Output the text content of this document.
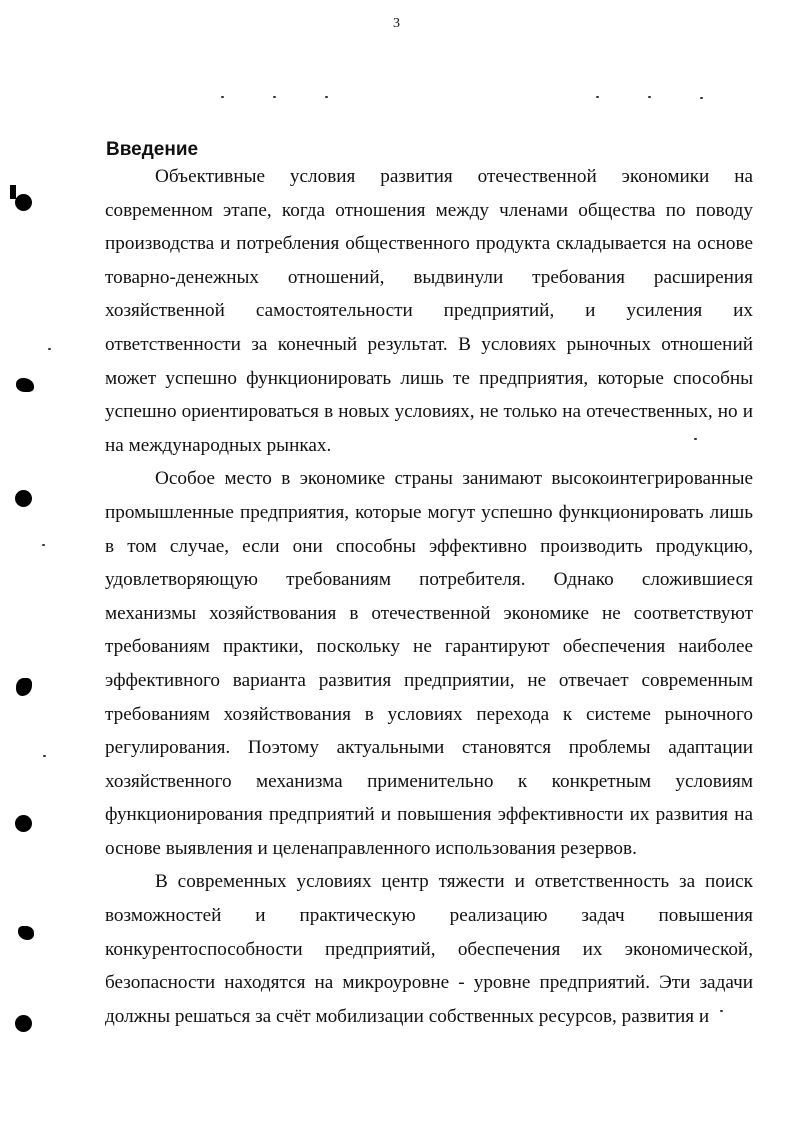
3
Введение

Объективные условия развития отечественной экономики на современном этапе, когда отношения между членами общества по поводу производства и потребления общественного продукта складывается на основе товарно-денежных отношений, выдвинули требования расширения хозяйственной самостоятельности предприятий, и усиления их ответственности за конечный результат. В условиях рыночных отношений может успешно функционировать лишь те предприятия, которые способны успешно ориентироваться в новых условиях, не только на отечественных, но и на международных рынках.

Особое место в экономике страны занимают высокоинтегрированные промышленные предприятия, которые могут успешно функционировать лишь в том случае, если они способны эффективно производить продукцию, удовлетворяющую требованиям потребителя. Однако сложившиеся механизмы хозяйствования в отечественной экономике не соответствуют требованиям практики, поскольку не гарантируют обеспечения наиболее эффективного варианта развития предприятии, не отвечает современным требованиям хозяйствования в условиях перехода к системе рыночного регулирования. Поэтому актуальными становятся проблемы адаптации хозяйственного механизма применительно к конкретным условиям функционирования предприятий и повышения эффективности их развития на основе выявления и целенаправленного использования резервов.

В современных условиях центр тяжести и ответственность за поиск возможностей и практическую реализацию задач повышения конкурентоспособности предприятий, обеспечения их экономической, безопасности находятся на микроуровне - уровне предприятий. Эти задачи должны решаться за счёт мобилизации собственных ресурсов, развития и
